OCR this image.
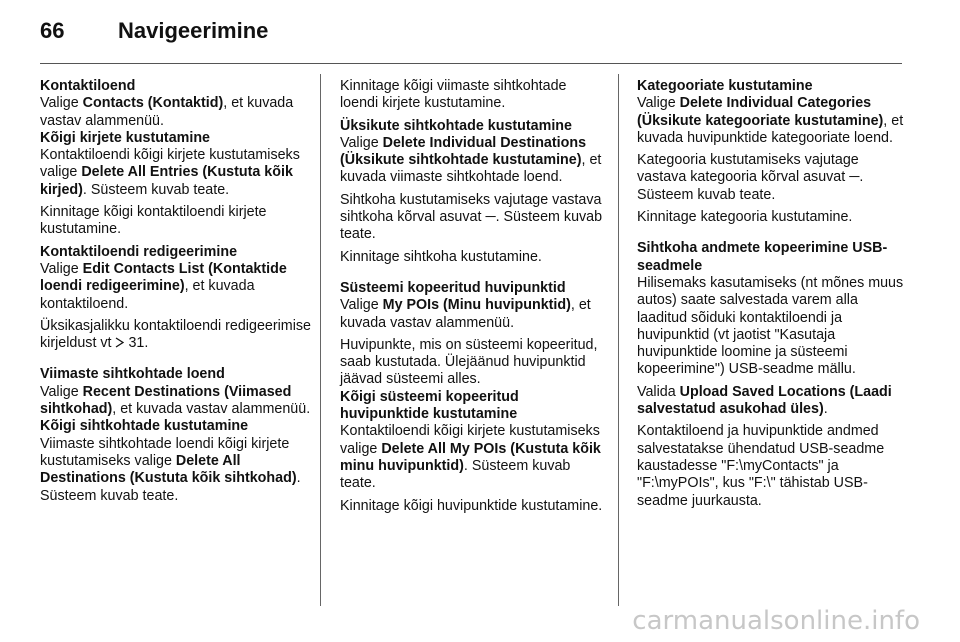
66 Navigeerimine

Kontaktiloend

Valige Contacts (Kontaktid), et kuvada vastav alammenüü.

Kõigi kirjete kustutamine

Kontaktiloendi kõigi kirjete kustutamiseks valige Delete All Entries (Kustuta kõik kirjed). Süsteem kuvab teate.

Kinnitage kõigi kontaktiloendi kirjete kustutamine.

Kontaktiloendi redigeerimine

Valige Edit Contacts List (Kontaktide loendi redigeerimine), et kuvada kontaktiloend.

Üksikasjalikku kontaktiloendi redigeerimise kirjeldust vt  31.

Viimaste sihtkohtade loend

Valige Recent Destinations (Viimased sihtkohad), et kuvada vastav alammenüü.

Kõigi sihtkohtade kustutamine

Viimaste sihtkohtade loendi kõigi kirjete kustutamiseks valige Delete All Destinations (Kustuta kõik sihtkohad). Süsteem kuvab teate.

Kinnitage kõigi viimaste sihtkohtade loendi kirjete kustutamine.

Üksikute sihtkohtade kustutamine

Valige Delete Individual Destinations (Üksikute sihtkohtade kustutamine), et kuvada viimaste sihtkohtade loend.

Sihtkoha kustutamiseks vajutage vastava sihtkoha kõrval asuvat ─. Süsteem kuvab teate.

Kinnitage sihtkoha kustutamine.

Süsteemi kopeeritud huvipunktid

Valige My POIs (Minu huvipunktid), et kuvada vastav alammenüü.

Huvipunkte, mis on süsteemi kopeeritud, saab kustutada. Ülejäänud huvipunktid jäävad süsteemi alles.

Kõigi süsteemi kopeeritud huvipunktide kustutamine

Kontaktiloendi kõigi kirjete kustutamiseks valige Delete All My POIs (Kustuta kõik minu huvipunktid). Süsteem kuvab teate.

Kinnitage kõigi huvipunktide kustutamine.

Kategooriate kustutamine

Valige Delete Individual Categories (Üksikute kategooriate kustutamine), et kuvada huvipunktide kategooriate loend.

Kategooria kustutamiseks vajutage vastava kategooria kõrval asuvat ─. Süsteem kuvab teate.

Kinnitage kategooria kustutamine.

Sihtkoha andmete kopeerimine USB-seadmele

Hilisemaks kasutamiseks (nt mõnes muus autos) saate salvestada varem alla laaditud sõiduki kontaktiloendi ja huvipunktid (vt jaotist "Kasutaja huvipunktide loomine ja süsteemi kopeerimine") USB-seadme mällu.

Valida Upload Saved Locations (Laadi salvestatud asukohad üles).

Kontaktiloend ja huvipunktide andmed salvestatakse ühendatud USB-seadme kaustadesse "F:\myContacts" ja "F:\myPOIs", kus "F:\" tähistab USB-seadme juurkausta.

carmanualsonline.info
